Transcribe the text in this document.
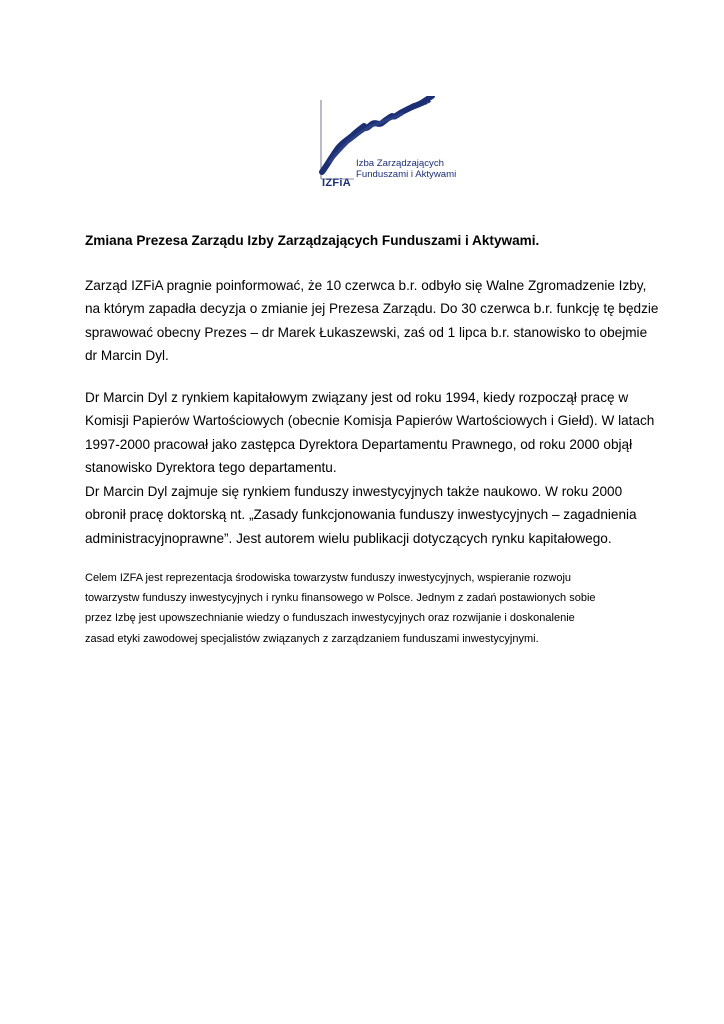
Izba Zarządzających
Funduszami i Aktywami
IZFiA
Zmiana Prezesa Zarządu Izby Zarządzających Funduszami i Aktywami.
Zarząd IZFiA pragnie poinformować, że 10 czerwca b.r. odbyło się Walne Zgromadzenie Izby,
na którym zapadła decyzja o zmianie jej Prezesa Zarządu. Do 30 czerwca b.r. funkcję tę będzie
sprawować obecny Prezes – dr Marek Łukaszewski, zaś od 1 lipca b.r. stanowisko to obejmie
dr Marcin Dyl.
Dr Marcin Dyl z rynkiem kapitałowym związany jest od roku 1994, kiedy rozpoczął pracę w
Komisji Papierów Wartościowych (obecnie Komisja Papierów Wartościowych i Giełd). W latach
1997-2000 pracował jako zastępca Dyrektora Departamentu Prawnego, od roku 2000 objął
stanowisko Dyrektora tego departamentu.
Dr Marcin Dyl zajmuje się rynkiem funduszy inwestycyjnych także naukowo. W roku 2000
obronił pracę doktorską nt. „Zasady funkcjonowania funduszy inwestycyjnych – zagadnienia
administracyjnoprawne”. Jest autorem wielu publikacji dotyczących rynku kapitałowego.
Celem IZFA jest reprezentacja środowiska towarzystw funduszy inwestycyjnych, wspieranie rozwoju
towarzystw funduszy inwestycyjnych i rynku finansowego w Polsce. Jednym z zadań postawionych sobie
przez Izbę jest upowszechnianie wiedzy o funduszach inwestycyjnych oraz rozwijanie i doskonalenie
zasad etyki zawodowej specjalistów związanych z zarządzaniem funduszami inwestycyjnymi.
